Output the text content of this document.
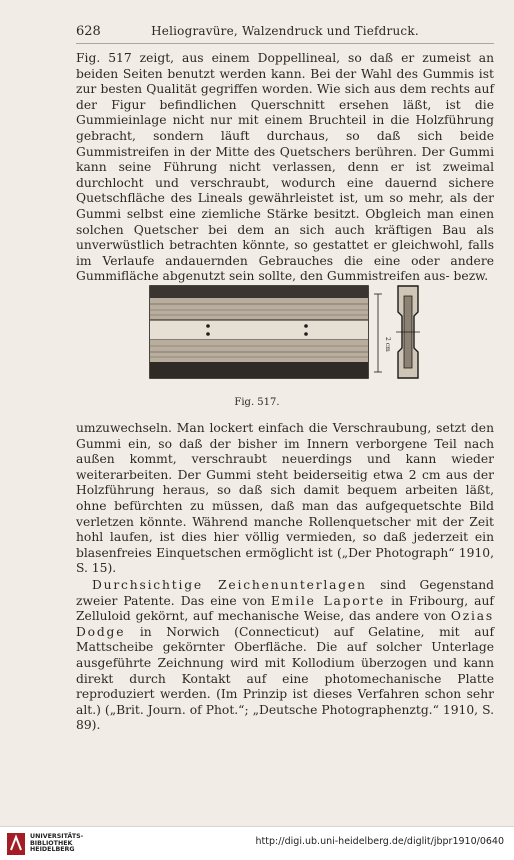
628	Heliogravüre, Walzendruck und Tiefdruck.

Fig. 517 zeigt, aus einem Doppellineal, so daß er zumeist an beiden Seiten benutzt werden kann. Bei der Wahl des Gummis ist zur besten Qualität gegriffen worden. Wie sich aus dem rechts auf der Figur befindlichen Querschnitt ersehen läßt, ist die Gummieinlage nicht nur mit einem Bruchteil in die Holzführung gebracht, sondern läuft durchaus, so daß sich beide Gummistreifen in der Mitte des Quetschers berühren. Der Gummi kann seine Führung nicht verlassen, denn er ist zweimal durchlocht und verschraubt, wodurch eine dauernd sichere Quetschfläche des Lineals gewährleistet ist, um so mehr, als der Gummi selbst eine ziemliche Stärke besitzt. Obgleich man einen solchen Quetscher bei dem an sich auch kräftigen Bau als unverwüstlich betrachten könnte, so gestattet er gleichwohl, falls im Verlaufe andauernden Gebrauches die eine oder andere Gummifläche abgenutzt sein sollte, den Gummistreifen aus- bezw.

2 cm
Fig. 517.

umzuwechseln. Man lockert einfach die Verschraubung, setzt den Gummi ein, so daß der bisher im Innern verborgene Teil nach außen kommt, verschraubt neuerdings und kann wieder weiterarbeiten. Der Gummi steht beiderseitig etwa 2 cm aus der Holzführung heraus, so daß sich damit bequem arbeiten läßt, ohne befürchten zu müssen, daß man das aufgequetschte Bild verletzen könnte. Während manche Rollenquetscher mit der Zeit hohl laufen, ist dies hier völlig vermieden, so daß jederzeit ein blasenfreies Einquetschen ermöglicht ist („Der Photograph“ 1910, S. 15).

Durchsichtige Zeichenunterlagen sind Gegenstand zweier Patente. Das eine von Emile Laporte in Fribourg, auf Zelluloid gekörnt, auf mechanische Weise, das andere von Ozias Dodge in Norwich (Connecticut) auf Gelatine, mit auf Mattscheibe gekörnter Oberfläche. Die auf solcher Unterlage ausgeführte Zeichnung wird mit Kollodium überzogen und kann direkt durch Kontakt auf eine photomechanische Platte reproduziert werden. (Im Prinzip ist dieses Verfahren schon sehr alt.) („Brit. Journ. of Phot.“; „Deutsche Photographenztg.“ 1910, S. 89).

UNIVERSITÄTS-
BIBLIOTHEK
HEIDELBERG
http://digi.ub.uni-heidelberg.de/diglit/jbpr1910/0640
